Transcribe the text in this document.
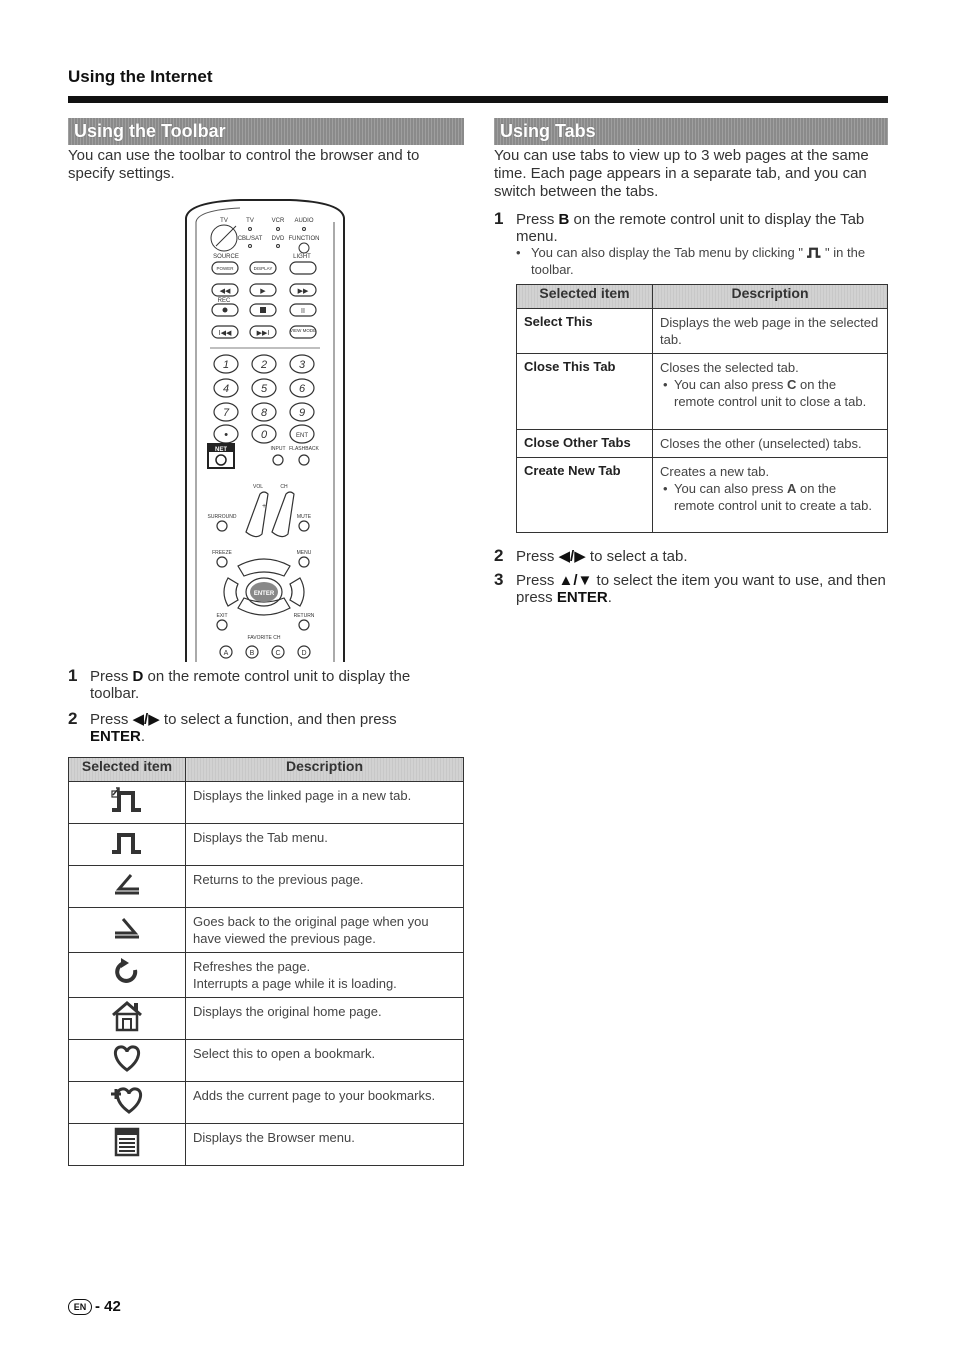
Using the Internet
Using the Toolbar
You can use the toolbar to control the browser and to specify settings.
TV	TV	VCR AUDIO
CBL/SAT DVD FUNCTION
SOURCE	LIGHT
REC
POWER	DISPLAY
VIEW MODE
◀◀	▶	▶▶
II
I◀◀	▶▶I
1	2	3
4	5	6
7	8	9
•	0	ENT
NET	INPUT FLASHBACK
VOL	CH
SURROUND	MUTE
FREEZE	MENU
EXIT	RETURN
FAVORITE CH
ENTER
+
A	B	C	D
1 Press D on the remote control unit to display the toolbar.
2 Press ◀/▶ to select a function, and then press ENTER.
Selected item	Description
	Displays the linked page in a new tab.
	Displays the Tab menu.
	Returns to the previous page.
	Goes back to the original page when you have viewed the previous page.
	Refreshes the page.
Interrupts a page while it is loading.
	Displays the original home page.
	Select this to open a bookmark.
	Adds the current page to your bookmarks.
	Displays the Browser menu.
Using Tabs
You can use tabs to view up to 3 web pages at the same time. Each page appears in a separate tab, and you can switch between the tabs.
1 Press B on the remote control unit to display the Tab menu.
• You can also display the Tab menu by clicking " " in the toolbar.
Selected item	Description
Select This	Displays the web page in the selected tab.
Close This Tab	Closes the selected tab.
• You can also press C on the remote control unit to close a tab.

Close Other Tabs	Closes the other (unselected) tabs.
Create New Tab	Creates a new tab.
• You can also press A on the remote control unit to create a tab.
2 Press ◀/▶ to select a tab.
3 Press ▲/▼ to select the item you want to use, and then press ENTER.
EN - 42
